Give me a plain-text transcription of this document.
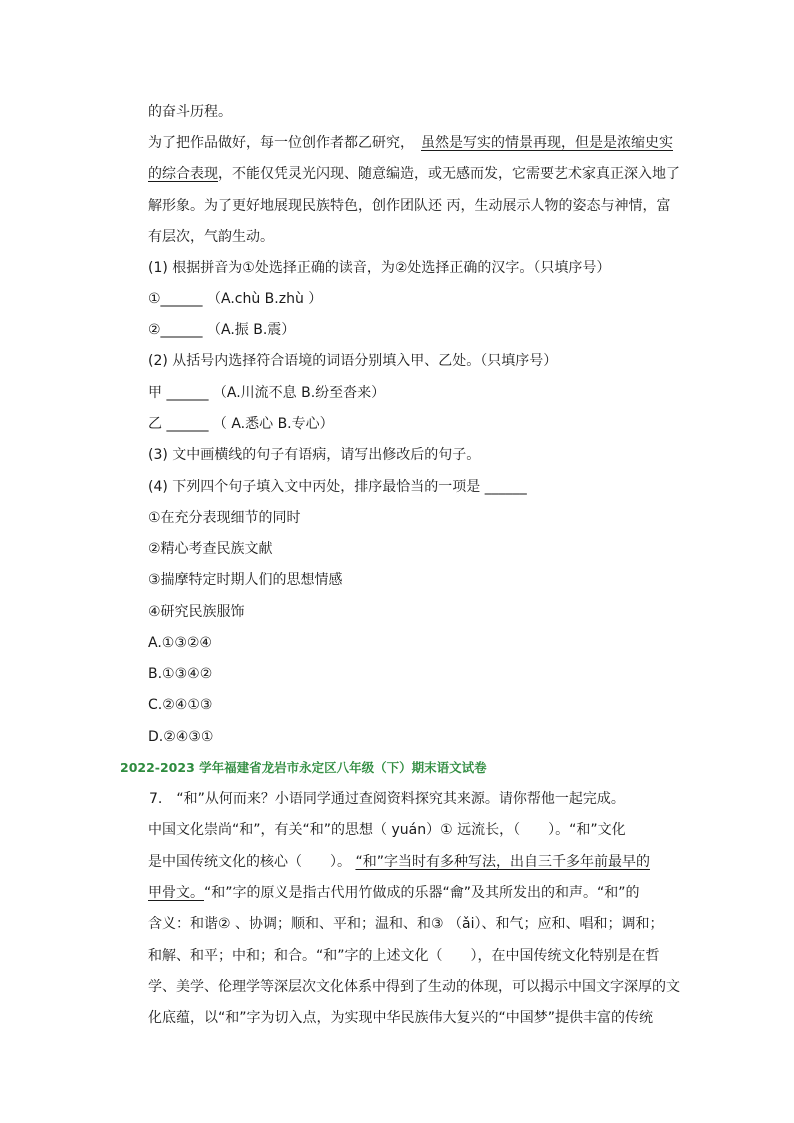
的奋斗历程。
为了把作品做好，每一位创作者都乙研究，　 虽然是写实的情景再现，但是是浓缩史实
的综合表现，不能仅凭灵光闪现、随意编造，或无感而发，它需要艺术家真正深入地了
解形象。为了更好地展现民族特色，创作团队还 丙，生动展示人物的姿态与神情，富
有层次，气韵生动。
(1) 根据拼音为①处选择正确的读音，为②处选择正确的汉字。（只填序号）
①______ （A.chù B.zhù ）
②______ （A.振 B.震）
(2) 从括号内选择符合语境的词语分别填入甲、乙处。（只填序号）
甲 ______ （A.川流不息 B.纷至沓来）
乙 ______ （ A.悉心 B.专心）
(3) 文中画横线的句子有语病，请写出修改后的句子。
(4) 下列四个句子填入文中丙处，排序最恰当的一项是 ______
①在充分表现细节的同时
②精心考查民族文献
③揣摩特定时期人们的思想情感
④研究民族服饰
A.①③②④
B.①③④②
C.②④①③
D.②④③①
2022-2023 学年福建省龙岩市永定区八年级（下）期末语文试卷
7.　“和”从何而来？小语同学通过查阅资料探究其来源。请你帮他一起完成。
中国文化崇尚“和”，有关“和”的思想（ yuán）① 远流长，（　　）。“和”文化
是中国传统文化的核心（　　）。 “和”字当时有多种写法，出自三千多年前最早的
甲骨文。“和”字的原义是指古代用竹做成的乐器“龠”及其所发出的和声。“和”的
含义：和谐② 、协调；顺和、平和；温和、和③ （ǎi）、和气；应和、唱和；调和；
和解、和平；中和；和合。“和”字的上述文化（　　），在中国传统文化特别是在哲
学、美学、伦理学等深层次文化体系中得到了生动的体现，可以揭示中国文字深厚的文
化底蕴，以“和”字为切入点，为实现中华民族伟大复兴的“中国梦”提供丰富的传统
